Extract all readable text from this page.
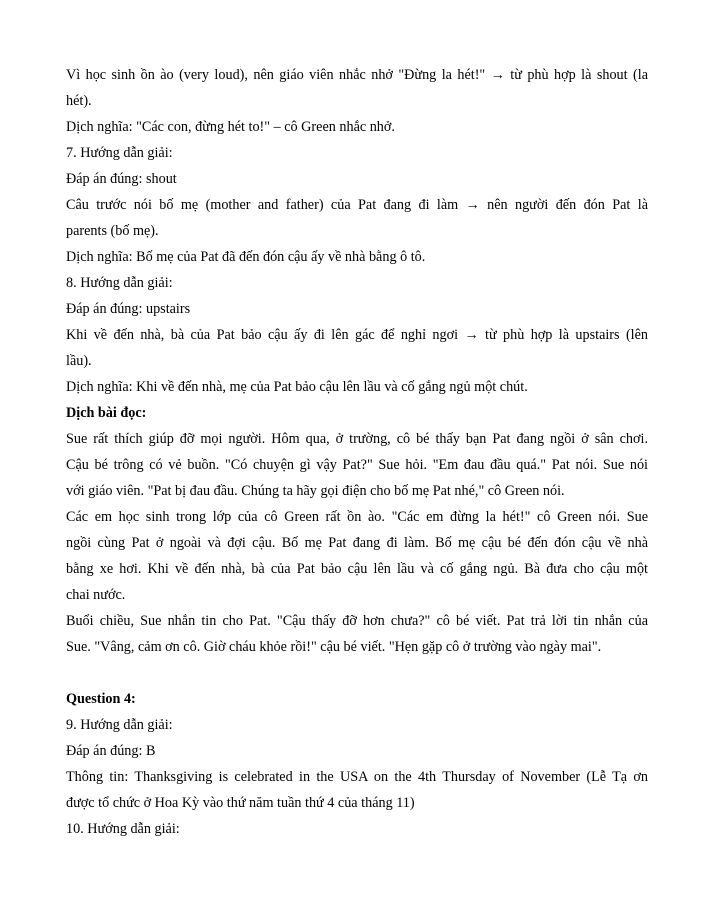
Vì học sinh ồn ào (very loud), nên giáo viên nhắc nhở "Đừng la hét!" → từ phù hợp là shout (la
hét).
Dịch nghĩa: "Các con, đừng hét to!" – cô Green nhắc nhở.
7. Hướng dẫn giải:
Đáp án đúng: shout
Câu trước nói bố mẹ (mother and father) của Pat đang đi làm → nên người đến đón Pat là
parents (bố mẹ).
Dịch nghĩa: Bố mẹ của Pat đã đến đón cậu ấy về nhà bằng ô tô.
8. Hướng dẫn giải:
Đáp án đúng: upstairs
Khi về đến nhà, bà của Pat bảo cậu ấy đi lên gác để nghỉ ngơi → từ phù hợp là upstairs (lên
lầu).
Dịch nghĩa: Khi về đến nhà, mẹ của Pat bảo cậu lên lầu và cố gắng ngủ một chút.
Dịch bài đọc:
Sue rất thích giúp đỡ mọi người. Hôm qua, ở trường, cô bé thấy bạn Pat đang ngồi ở sân chơi.
Cậu bé trông có vẻ buồn. "Có chuyện gì vậy Pat?" Sue hỏi. "Em đau đầu quá." Pat nói. Sue nói
với giáo viên. "Pat bị đau đầu. Chúng ta hãy gọi điện cho bố mẹ Pat nhé," cô Green nói.
Các em học sinh trong lớp của cô Green rất ồn ào. "Các em đừng la hét!" cô Green nói. Sue
ngồi cùng Pat ở ngoài và đợi cậu. Bố mẹ Pat đang đi làm. Bố mẹ cậu bé đến đón cậu về nhà
bằng xe hơi. Khi về đến nhà, bà của Pat bảo cậu lên lầu và cố gắng ngủ. Bà đưa cho cậu một
chai nước.
Buổi chiều, Sue nhắn tin cho Pat. "Cậu thấy đỡ hơn chưa?" cô bé viết. Pat trả lời tin nhắn của
Sue. "Vâng, cảm ơn cô. Giờ cháu khỏe rồi!" cậu bé viết. "Hẹn gặp cô ở trường vào ngày mai".
Question 4:
9. Hướng dẫn giải:
Đáp án đúng: B
Thông tin: Thanksgiving is celebrated in the USA on the 4th Thursday of November (Lễ Tạ ơn
được tổ chức ở Hoa Kỳ vào thứ năm tuần thứ 4 của tháng 11)
10. Hướng dẫn giải:
